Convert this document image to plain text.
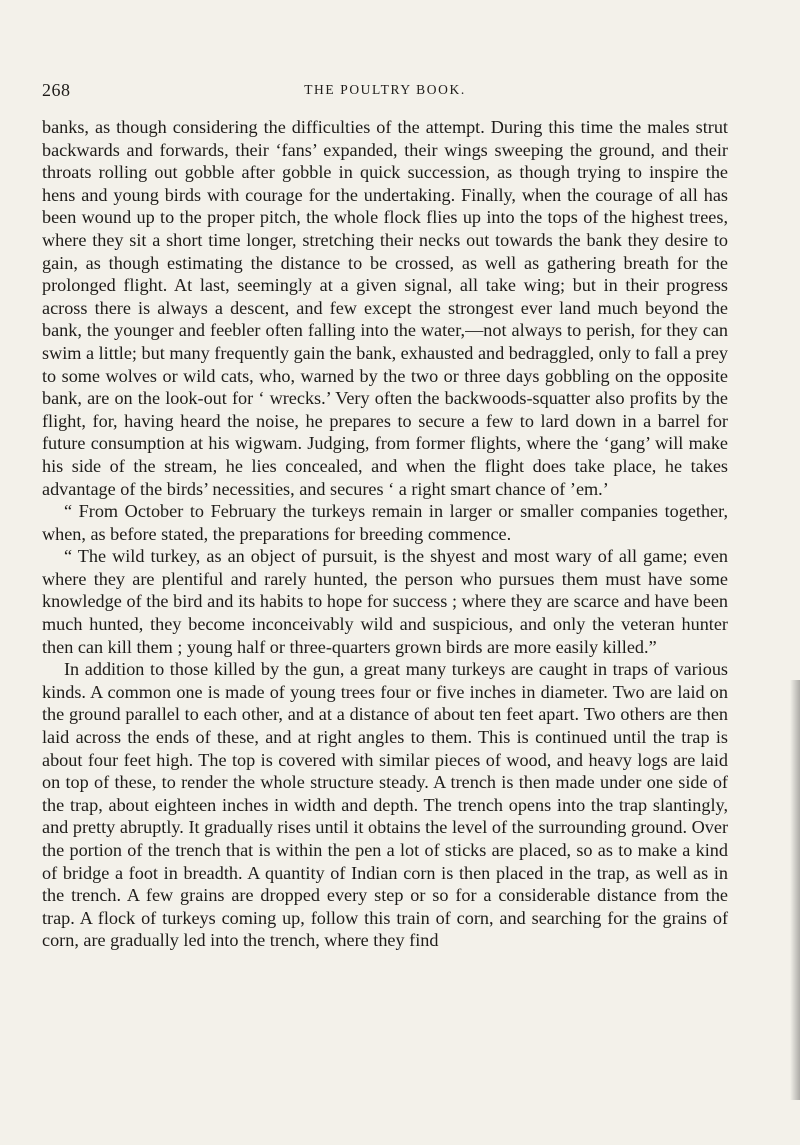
268	THE POULTRY BOOK.

banks, as though considering the difficulties of the attempt. During this time the males strut backwards and forwards, their ‘fans’ expanded, their wings sweeping the ground, and their throats rolling out gobble after gobble in quick succession, as though trying to inspire the hens and young birds with courage for the undertaking. Finally, when the courage of all has been wound up to the proper pitch, the whole flock flies up into the tops of the highest trees, where they sit a short time longer, stretching their necks out towards the bank they desire to gain, as though estimating the distance to be crossed, as well as gathering breath for the prolonged flight. At last, seemingly at a given signal, all take wing; but in their progress across there is always a descent, and few except the strongest ever land much beyond the bank, the younger and feebler often falling into the water,—not always to perish, for they can swim a little; but many frequently gain the bank, exhausted and bedraggled, only to fall a prey to some wolves or wild cats, who, warned by the two or three days gobbling on the opposite bank, are on the look-out for ‘ wrecks.’ Very often the backwoods-squatter also profits by the flight, for, having heard the noise, he prepares to secure a few to lard down in a barrel for future consumption at his wigwam. Judging, from former flights, where the ‘gang’ will make his side of the stream, he lies concealed, and when the flight does take place, he takes advantage of the birds’ necessities, and secures ‘ a right smart chance of ’em.’

“ From October to February the turkeys remain in larger or smaller companies together, when, as before stated, the preparations for breeding commence.

“ The wild turkey, as an object of pursuit, is the shyest and most wary of all game; even where they are plentiful and rarely hunted, the person who pursues them must have some knowledge of the bird and its habits to hope for success ; where they are scarce and have been much hunted, they become inconceivably wild and suspicious, and only the veteran hunter then can kill them ; young half or three-quarters grown birds are more easily killed.”

In addition to those killed by the gun, a great many turkeys are caught in traps of various kinds. A common one is made of young trees four or five inches in diameter. Two are laid on the ground parallel to each other, and at a distance of about ten feet apart. Two others are then laid across the ends of these, and at right angles to them. This is continued until the trap is about four feet high. The top is covered with similar pieces of wood, and heavy logs are laid on top of these, to render the whole structure steady. A trench is then made under one side of the trap, about eighteen inches in width and depth. The trench opens into the trap slantingly, and pretty abruptly. It gradually rises until it obtains the level of the surrounding ground. Over the portion of the trench that is within the pen a lot of sticks are placed, so as to make a kind of bridge a foot in breadth. A quantity of Indian corn is then placed in the trap, as well as in the trench. A few grains are dropped every step or so for a considerable distance from the trap. A flock of turkeys coming up, follow this train of corn, and searching for the grains of corn, are gradually led into the trench, where they find
